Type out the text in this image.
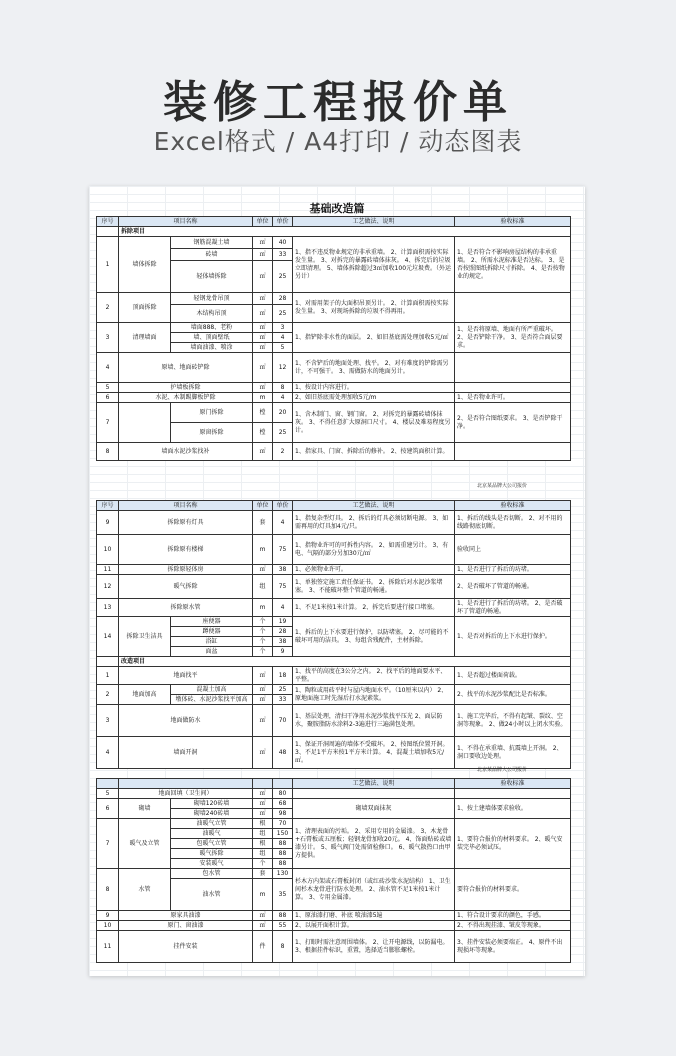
装修工程报价单
Excel格式 / A4打印 / 动态图表
基础改造篇
序号	项目名称		单位	单价	工艺做法、说明	验收标准
	拆除项目					
1	墙体拆除	钢筋混凝土墙	㎡	40	1、指不违反物业规定的非承重墙。 2、计算面积需按实际发生量。 3、对拆完的暴露砖墙体抹灰。 4、拆完后的垃圾立即清理。 5、墙体拆除超过3㎡加收100元垃圾费。（外运另计）	1、是否符合不影响房屋结构的非承重墙。 2、所需水泥标准是否达标。 3、是否按照图纸拆除尺寸拆除。 4、是否按物业的规定。
		砖墙	㎡	33		
		轻体墙拆除	㎡	25		
2	顶面拆除	轻钢龙骨吊顶	㎡	28	1、对需用架子的大面积吊顶另计。 2、计算面积需按实际发生量。 3、对现场拆除的垃圾不得再用。	
		木结构吊顶	㎡	25		
3	清理墙面	墙面888、老粉	㎡	3	1、指铲除非水性的面层。 2、如旧基底需处理加收5元/㎡	1、是否将原墙、地面有所严重破坏。 2、是否铲除干净。 3、是否符合面层要求。
		墙、顶面壁纸	㎡	4		
		墙面油漆、喷涂	㎡	5		
4	原墙、地面砖铲除		㎡	12	1、不含铲后的地面处理、找平。 2、对有难度的铲除需另计，不可强干。 3、需做防水的地面另计。	
5	护墙板拆除		㎡	8	1、按设计内容进行。	
6	水泥、木制踢脚板铲除		m	4	2、如旧基底需处理加收5元/m	1、是否物业许可。
7		原门拆除	樘	20	1、含木制门、窗、钢门窗。 2、对拆完的暴露砖墙体抹灰。 3、不得任意扩大原洞口尺寸。 4、楼层及难易程度另计。	2、是否符合图纸要求。 3、是否铲除干净。
		原窗拆除	樘	25		
8	墙面水泥沙浆找补		㎡	2	1、指家具、门窗、拆除后的修补。 2、按建筑面积计算。	
北京某品牌大公司报价
序号	项目名称		单位	单价	工艺做法、说明	验收标准
9	拆除原有灯具		套	4	1、指复杂型灯具。 2、拆后的灯具必须切断电源。 3、如需再用的灯具加4元/只。	1、拆后的线头是否切断。 2、对不用的线路彻底切断。
10	拆除原有楼梯		m	75	1、指物业许可的可拆性内容。 2、如需重建另计。 3、有电、气隔的部分另加30元/㎡	验收同上
11	拆除原轻体房		㎡	38	1、必须物业许可。	1、是否进行了拆后的坊堵。
12	暖气拆除		组	75	1、单独签定施工责任保证书。 2、拆除后对水泥沙浆堵塞。 3、不能破坏整个管道的畅通。	2、是否破坏了管道的畅通。
13	拆除原水管		m	4	1、不足1米按1米计算。 2、拆完后要进行接口堵塞。	1、是否进行了拆后的坊堵。 2、是否破坏了管道的畅通。
14	拆除卫生洁具	座便器	个	19	1、拆后的上下水要进行保护，以防堵塞。 2、尽可能的不破坏可用的洁具。 3、每组含残配件，主材拆除。	1、是否对拆后的上下水进行保护。
		蹲便器	个	28		
		浴缸	个	38		
		面盆	个	9		
	改造项目					
1	地面找平		㎡	18	1、找平的高度在3公分之内。 2、找平后的地面要水平、平整。	1、是否超过楼面荷载。
2	地面加高	混凝土加高	㎡	25	1、陶粒或用砖平时与屋内地面水平。（10厘米以内） 2、原地面施工时先湿后打水泥素浆。	2、找平的水泥沙浆配比是否标准。
		墩体砖、水泥沙浆找平加高	㎡	33		
3	地面做防水		㎡	70	1、基层处理，清扫干净用水泥沙浆找平压光 2、面层防水，聚胺脂防水涂料2-3遍进行三遍满包处理。	1、施工完毕后，不得有起皱、裂纹、空洞等现象。 2、做24小时以上闭水实验。
4	墙面开洞		㎡	48	1、保证开洞周遍的墙体不受破坏。 2、按图纸位置开洞。 3、不足1平方米按1平方米计算。 4、混凝土墙加收5元/㎡。	1、不得在承重墙、抗震墙上开洞。 2、洞口要收边处理。
北京某品牌大公司报价
					工艺做法、说明	验收标准
5	地面回填（卫生间）		㎡	80		
6	砌墙	砌墙120砖墙	㎡	68	砌墙双面抹灰	1、按土建墙体要求验收。
		砌墙240砖墙	㎡	98		
7	暖气及立管	油暖气立管	根	70	1、清理表面的污垢。 2、采用专用的金属漆。 3、木龙骨+石膏板或五厘板；轻钢龙骨加收20元。 4、饰面贴砖或墙漆另计。 5、暖气阀门处需留检修口。 6、暖气散热口由甲方提供。	1、要符合报价的材料要求。 2、暖气安装完毕必须试压。
		油暖气	组	150		
		包暖气立管	根	88		
		暖气拆除	组	88		
		安装暖气	个	88		
8	水管	包水管	套	130	杉木方内架或石膏板封闭（或红砖沙浆水泥结构） 1、卫生间杉木龙骨进行防水处理。 2、油水管不足1米按1米计算。 3、专用金属漆。	要符合报价的材料要求。
		油水管	m	35		
9	原家具油漆		㎡	88	1、原油漆打磨、补底 喷油漆5遍	1、符合设计要求的颜色，手感。
10	原门、窗油漆		㎡	55	2、以展开面积计算。	2、不得出现挂漆、皱皮等现象。
11	挂件安装		件	8	1、打眼时需注意周围墙体。 2、让开电源线，以防漏电。 3、根据挂件标识，重置，选择适当膨胀螺栓。	3、挂件安装必须要端正。 4、原件不出现损坏等现象。
